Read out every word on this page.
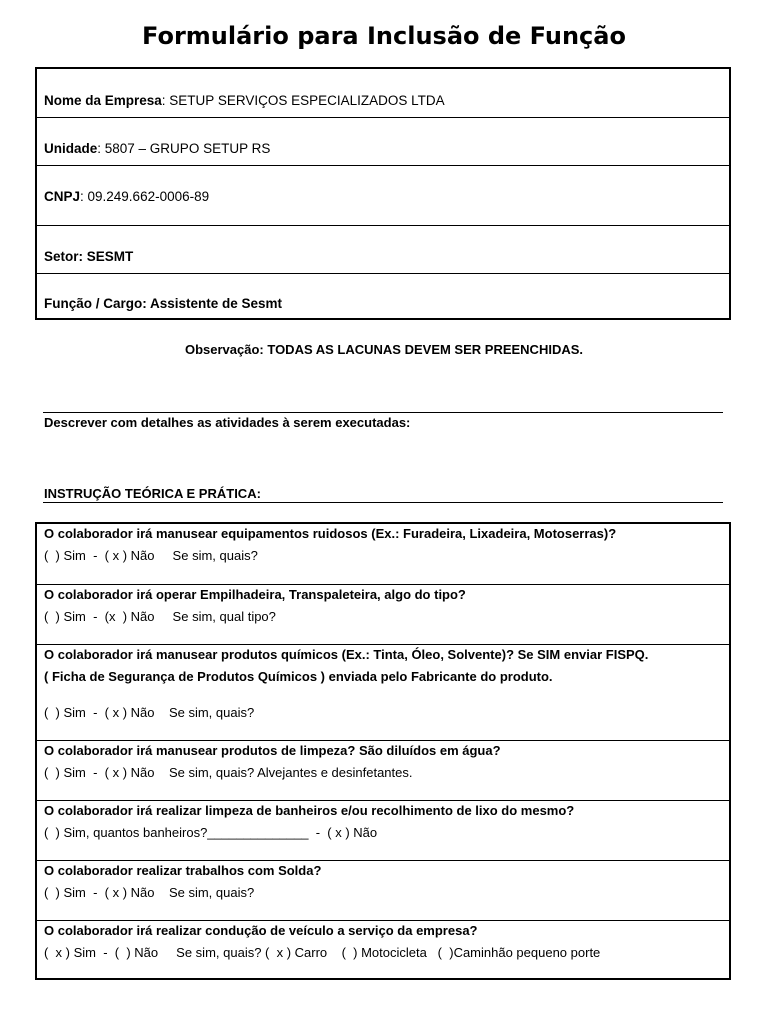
Formulário para Inclusão de Função
Nome da Empresa: SETUP SERVIÇOS ESPECIALIZADOS LTDA
Unidade: 5807 – GRUPO SETUP RS
CNPJ: 09.249.662-0006-89
Setor: SESMT
Função / Cargo: Assistente de Sesmt
Observação: TODAS AS LACUNAS DEVEM SER PREENCHIDAS.
Descrever com detalhes as atividades à serem executadas:
INSTRUÇÃO TEÓRICA E PRÁTICA:
O colaborador irá manusear equipamentos ruidosos (Ex.: Furadeira, Lixadeira, Motoserras)?
(  ) Sim  -  ( x ) Não     Se sim, quais?
O colaborador irá operar Empilhadeira, Transpaleteira, algo do tipo?
(  ) Sim  -  (x  ) Não     Se sim, qual tipo?
O colaborador irá manusear produtos químicos (Ex.: Tinta, Óleo, Solvente)? Se SIM enviar FISPQ.
( Ficha de Segurança de Produtos Químicos ) enviada pelo Fabricante do produto.
(  ) Sim  -  ( x ) Não    Se sim, quais?
O colaborador irá manusear produtos de limpeza? São diluídos em água?
(  ) Sim  -  ( x ) Não    Se sim, quais? Alvejantes e desinfetantes.
O colaborador irá realizar limpeza de banheiros e/ou recolhimento de lixo do mesmo?
(  ) Sim, quantos banheiros?______________  -  ( x ) Não
O colaborador realizar trabalhos com Solda?
(  ) Sim  -  ( x ) Não    Se sim, quais?
O colaborador irá realizar condução de veículo a serviço da empresa?
(  x ) Sim  -  (  ) Não     Se sim, quais? (  x ) Carro    (  ) Motocicleta   (  )Caminhão pequeno porte
